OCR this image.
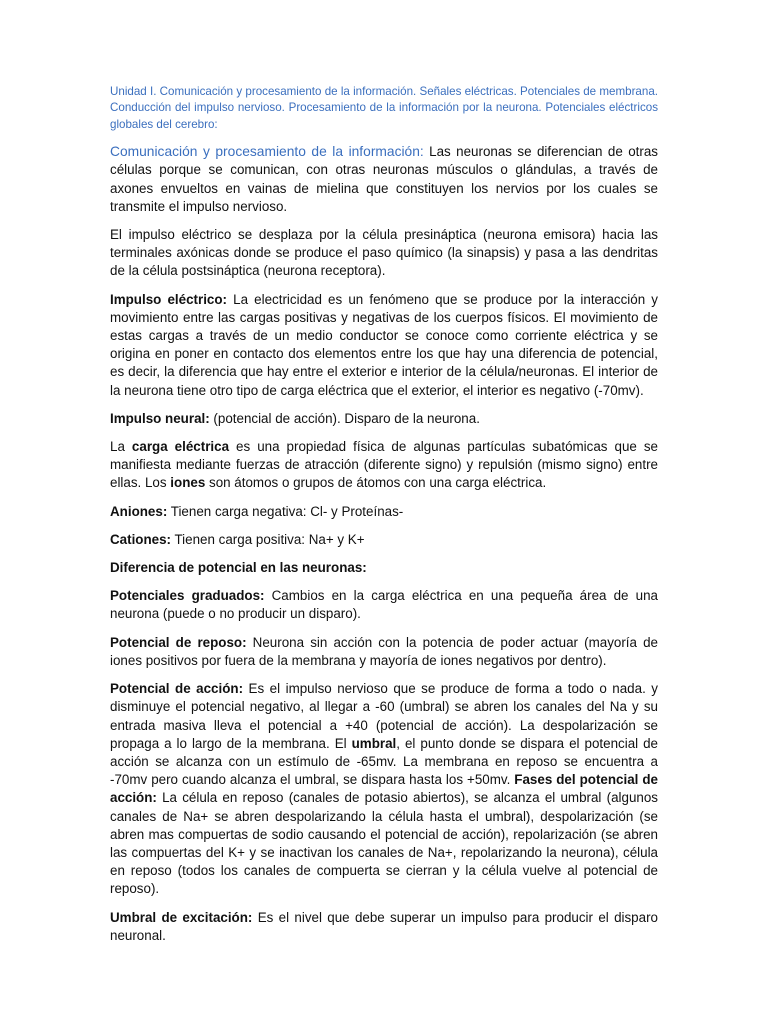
Unidad I. Comunicación y procesamiento de la información. Señales eléctricas. Potenciales de membrana. Conducción del impulso nervioso. Procesamiento de la información por la neurona. Potenciales eléctricos globales del cerebro:

Comunicación y procesamiento de la información: Las neuronas se diferencian de otras células porque se comunican, con otras neuronas músculos o glándulas, a través de axones envueltos en vainas de mielina que constituyen los nervios por los cuales se transmite el impulso nervioso.

El impulso eléctrico se desplaza por la célula presináptica (neurona emisora) hacia las terminales axónicas donde se produce el paso químico (la sinapsis) y pasa a las dendritas de la célula postsináptica (neurona receptora).

Impulso eléctrico: La electricidad es un fenómeno que se produce por la interacción y movimiento entre las cargas positivas y negativas de los cuerpos físicos. El movimiento de estas cargas a través de un medio conductor se conoce como corriente eléctrica y se origina en poner en contacto dos elementos entre los que hay una diferencia de potencial, es decir, la diferencia que hay entre el exterior e interior de la célula/neuronas. El interior de la neurona tiene otro tipo de carga eléctrica que el exterior, el interior es negativo (-70mv).

Impulso neural: (potencial de acción). Disparo de la neurona.

La carga eléctrica es una propiedad física de algunas partículas subatómicas que se manifiesta mediante fuerzas de atracción (diferente signo) y repulsión (mismo signo) entre ellas. Los iones son átomos o grupos de átomos con una carga eléctrica.

Aniones: Tienen carga negativa: Cl- y Proteínas-

Cationes: Tienen carga positiva: Na+ y K+

Diferencia de potencial en las neuronas:

Potenciales graduados: Cambios en la carga eléctrica en una pequeña área de una neurona (puede o no producir un disparo).

Potencial de reposo: Neurona sin acción con la potencia de poder actuar (mayoría de iones positivos por fuera de la membrana y mayoría de iones negativos por dentro).

Potencial de acción: Es el impulso nervioso que se produce de forma a todo o nada. y disminuye el potencial negativo, al llegar a -60 (umbral) se abren los canales del Na y su entrada masiva lleva el potencial a +40 (potencial de acción). La despolarización se propaga a lo largo de la membrana. El umbral, el punto donde se dispara el potencial de acción se alcanza con un estímulo de -65mv. La membrana en reposo se encuentra a -70mv pero cuando alcanza el umbral, se dispara hasta los +50mv. Fases del potencial de acción: La célula en reposo (canales de potasio abiertos), se alcanza el umbral (algunos canales de Na+ se abren despolarizando la célula hasta el umbral), despolarización (se abren mas compuertas de sodio causando el potencial de acción), repolarización (se abren las compuertas del K+ y se inactivan los canales de Na+, repolarizando la neurona), célula en reposo (todos los canales de compuerta se cierran y la célula vuelve al potencial de reposo).

Umbral de excitación: Es el nivel que debe superar un impulso para producir el disparo neuronal.
